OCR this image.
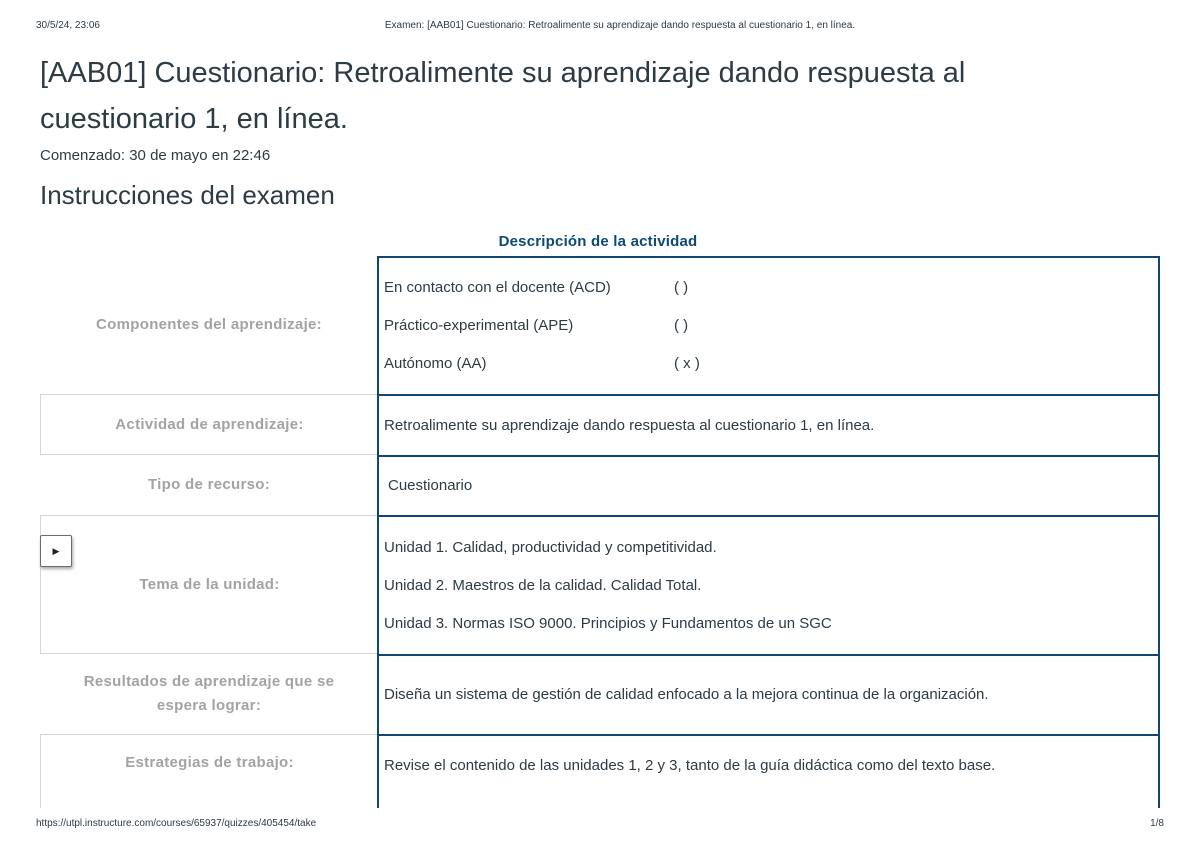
30/5/24, 23:06	Examen: [AAB01] Cuestionario: Retroalimente su aprendizaje dando respuesta al cuestionario 1, en línea.
[AAB01] Cuestionario: Retroalimente su aprendizaje dando respuesta al cuestionario 1, en línea.
Comenzado: 30 de mayo en 22:46
Instrucciones del examen
Descripción de la actividad
Componentes del aprendizaje:
En contacto con el docente (ACD)	( )
Práctico-experimental (APE)	( )
Autónomo (AA)	( x )
Actividad de aprendizaje:	Retroalimente su aprendizaje dando respuesta al cuestionario 1, en línea.
Tipo de recurso:	Cuestionario
Tema de la unidad:
Unidad 1. Calidad, productividad y competitividad.
Unidad 2. Maestros de la calidad. Calidad Total.
Unidad 3. Normas ISO 9000. Principios y Fundamentos de un SGC
Resultados de aprendizaje que se espera lograr:
Diseña un sistema de gestión de calidad enfocado a la mejora continua de la organización.
Estrategias de trabajo:	Revise el contenido de las unidades 1, 2 y 3, tanto de la guía didáctica como del texto base.
▶
https://utpl.instructure.com/courses/65937/quizzes/405454/take	1/8
